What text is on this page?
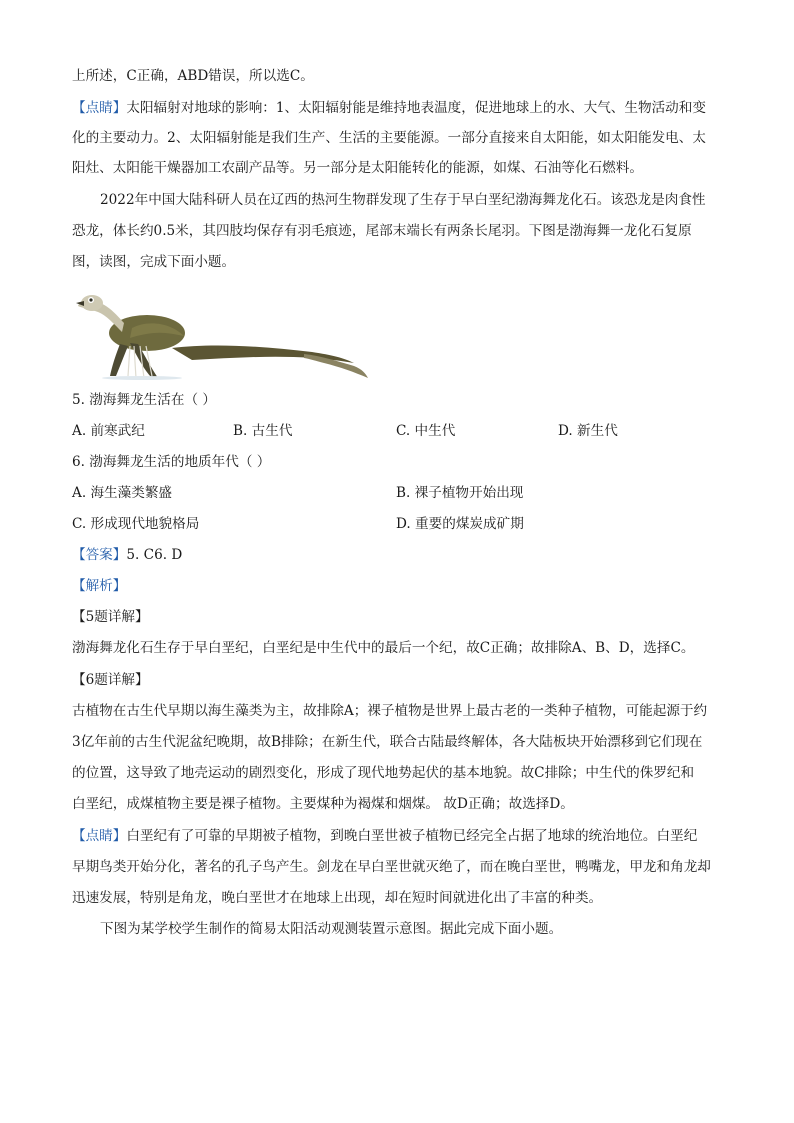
上所述，C正确，ABD错误，所以选C。
【点睛】太阳辐射对地球的影响：1、太阳辐射能是维持地表温度，促进地球上的水、大气、生物活动和变
化的主要动力。2、太阳辐射能是我们生产、生活的主要能源。一部分直接来自太阳能，如太阳能发电、太
阳灶、太阳能干燥器加工农副产品等。另一部分是太阳能转化的能源，如煤、石油等化石燃料。
2022年中国大陆科研人员在辽西的热河生物群发现了生存于早白垩纪渤海舞龙化石。该恐龙是肉食性
恐龙，体长约0.5米，其四肢均保存有羽毛痕迹，尾部末端长有两条长尾羽。下图是渤海舞一龙化石复原
图，读图，完成下面小题。
5. 渤海舞龙生活在（ ）
A. 前寒武纪	B. 古生代	C. 中生代	D. 新生代
6. 渤海舞龙生活的地质年代（ ）
A. 海生藻类繁盛	B. 裸子植物开始出现
C. 形成现代地貌格局	D. 重要的煤炭成矿期
【答案】5. C6. D
【解析】
【5题详解】
渤海舞龙化石生存于早白垩纪，白垩纪是中生代中的最后一个纪，故C正确；故排除A、B、D，选择C。
【6题详解】
古植物在古生代早期以海生藻类为主，故排除A；裸子植物是世界上最古老的一类种子植物，可能起源于约
3亿年前的古生代泥盆纪晚期，故B排除；在新生代，联合古陆最终解体，各大陆板块开始漂移到它们现在
的位置，这导致了地壳运动的剧烈变化，形成了现代地势起伏的基本地貌。故C排除；中生代的侏罗纪和
白垩纪，成煤植物主要是裸子植物。主要煤种为褐煤和烟煤。 故D正确；故选择D。
【点睛】白垩纪有了可靠的早期被子植物，到晚白垩世被子植物已经完全占据了地球的统治地位。白垩纪
早期鸟类开始分化，著名的孔子鸟产生。剑龙在早白垩世就灭绝了，而在晚白垩世，鸭嘴龙，甲龙和角龙却
迅速发展，特别是角龙，晚白垩世才在地球上出现，却在短时间就进化出了丰富的种类。
下图为某学校学生制作的简易太阳活动观测装置示意图。据此完成下面小题。
